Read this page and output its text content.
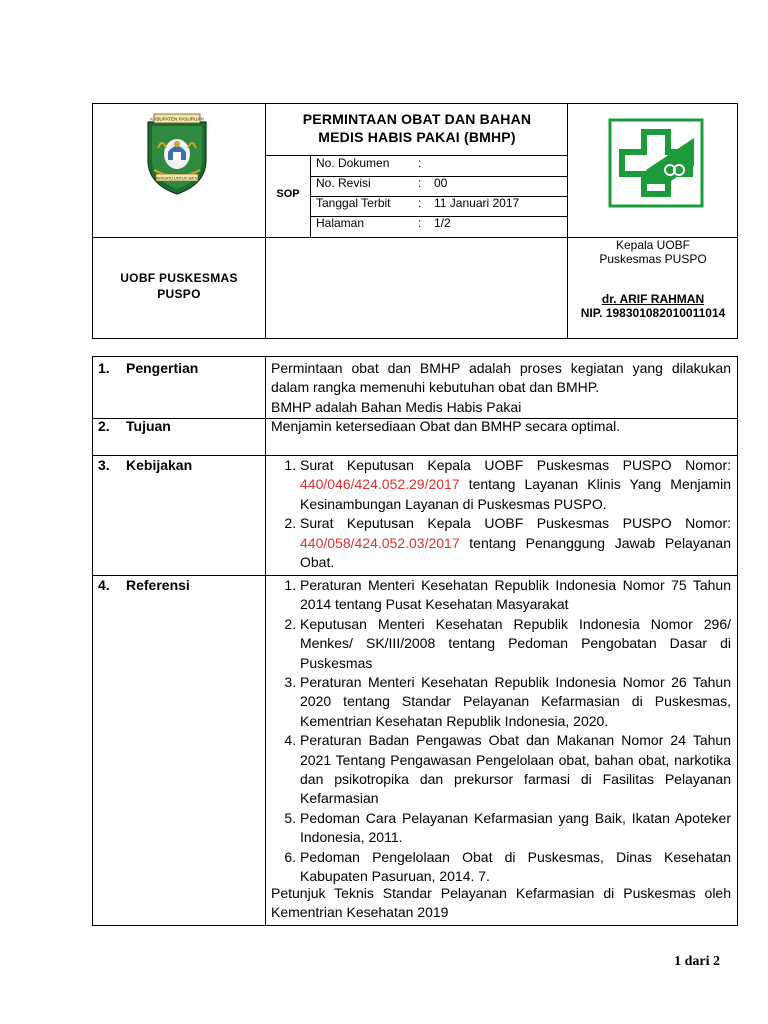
KABUPATEN PASURUAN
BERSATU UNTUK MAJU
PERMINTAAN OBAT DAN BAHAN
MEDIS HABIS PAKAI (BMHP)
SOP
No. Dokumen	:
No. Revisi	:	00
Tanggal Terbit	:	11 Januari 2017
Halaman	:	1/2
UOBF PUSKESMAS
PUSPO
Kepala UOBF
Puskesmas PUSPO
dr. ARIF RAHMAN
NIP. 198301082010011014
1. Pengertian	Permintaan obat dan BMHP adalah proses kegiatan yang dilakukan dalam rangka memenuhi kebutuhan obat dan BMHP.
BMHP adalah Bahan Medis Habis Pakai
2. Tujuan	Menjamin ketersediaan Obat dan BMHP secara optimal.
3. Kebijakan	1. Surat Keputusan Kepala UOBF Puskesmas PUSPO Nomor: 440/046/424.052.29/2017 tentang Layanan Klinis Yang Menjamin Kesinambungan Layanan di Puskesmas PUSPO.
2. Surat Keputusan Kepala UOBF Puskesmas PUSPO Nomor: 440/058/424.052.03/2017 tentang Penanggung Jawab Pelayanan Obat.
4. Referensi	1. Peraturan Menteri Kesehatan Republik Indonesia Nomor 75 Tahun 2014 tentang Pusat Kesehatan Masyarakat
2. Keputusan Menteri Kesehatan Republik Indonesia Nomor 296/ Menkes/ SK/III/2008 tentang Pedoman Pengobatan Dasar di Puskesmas
3. Peraturan Menteri Kesehatan Republik Indonesia Nomor 26 Tahun 2020 tentang Standar Pelayanan Kefarmasian di Puskesmas, Kementrian Kesehatan Republik Indonesia, 2020.
4. Peraturan Badan Pengawas Obat dan Makanan Nomor 24 Tahun 2021 Tentang Pengawasan Pengelolaan obat, bahan obat, narkotika dan psikotropika dan prekursor farmasi di Fasilitas Pelayanan Kefarmasian
5. Pedoman Cara Pelayanan Kefarmasian yang Baik, Ikatan Apoteker Indonesia, 2011.
6. Pedoman Pengelolaan Obat di Puskesmas, Dinas Kesehatan Kabupaten Pasuruan, 2014. 7.
Petunjuk Teknis Standar Pelayanan Kefarmasian di Puskesmas oleh Kementrian Kesehatan 2019
1 dari 2
